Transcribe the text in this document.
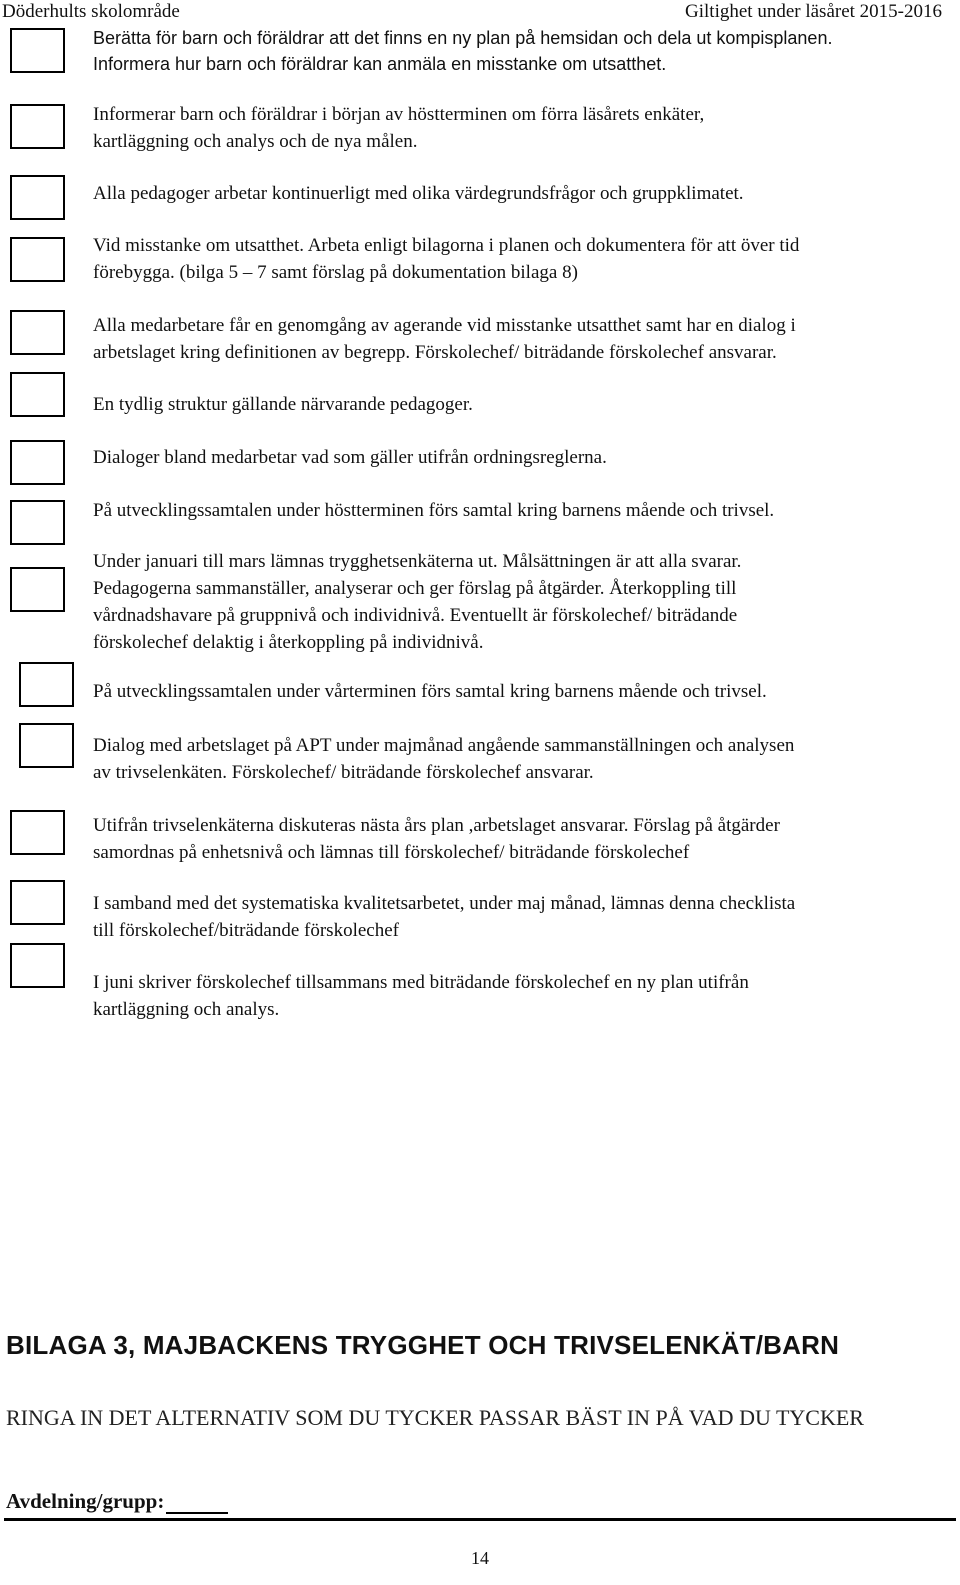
Döderhults skolområde	Giltighet under läsåret 2015-2016
Berätta för barn och föräldrar att det finns en ny plan på hemsidan och dela ut kompisplanen.
Informera hur barn och föräldrar kan anmäla en misstanke om utsatthet.
Informerar barn och föräldrar i början av höstterminen om förra läsårets enkäter,
kartläggning och analys och de nya målen.
Alla pedagoger arbetar kontinuerligt med olika värdegrundsfrågor och gruppklimatet.
Vid misstanke om utsatthet. Arbeta enligt bilagorna i planen och dokumentera för att över tid
förebygga. (bilga 5 – 7 samt förslag på dokumentation bilaga 8)
Alla medarbetare får en genomgång av agerande vid misstanke utsatthet samt har en dialog i
arbetslaget kring definitionen av begrepp. Förskolechef/ biträdande förskolechef ansvarar.
En tydlig struktur gällande närvarande pedagoger.
Dialoger bland medarbetar vad som gäller utifrån ordningsreglerna.
På utvecklingssamtalen under höstterminen förs samtal kring barnens mående och trivsel.
Under januari till mars lämnas trygghetsenkäterna ut. Målsättningen är att alla svarar.
Pedagogerna sammanställer, analyserar och ger förslag på åtgärder. Återkoppling till
vårdnadshavare på gruppnivå och individnivå. Eventuellt är förskolechef/ biträdande
förskolechef delaktig i återkoppling på individnivå.
På utvecklingssamtalen under vårterminen förs samtal kring barnens mående och trivsel.
Dialog med arbetslaget på APT under majmånad angående sammanställningen och analysen
av trivselenkäten. Förskolechef/ biträdande förskolechef ansvarar.
Utifrån trivselenkäterna diskuteras nästa års plan ,arbetslaget ansvarar. Förslag på åtgärder
samordnas på enhetsnivå och lämnas till förskolechef/ biträdande förskolechef
I samband med det systematiska kvalitetsarbetet, under maj månad, lämnas denna checklista
till förskolechef/biträdande förskolechef
I juni skriver förskolechef tillsammans med biträdande förskolechef en ny plan utifrån
kartläggning och analys.
BILAGA 3, MAJBACKENS TRYGGHET OCH TRIVSELENKÄT/BARN
RINGA IN DET ALTERNATIV SOM DU TYCKER PASSAR BÄST IN PÅ VAD DU TYCKER
Avdelning/grupp:
14
